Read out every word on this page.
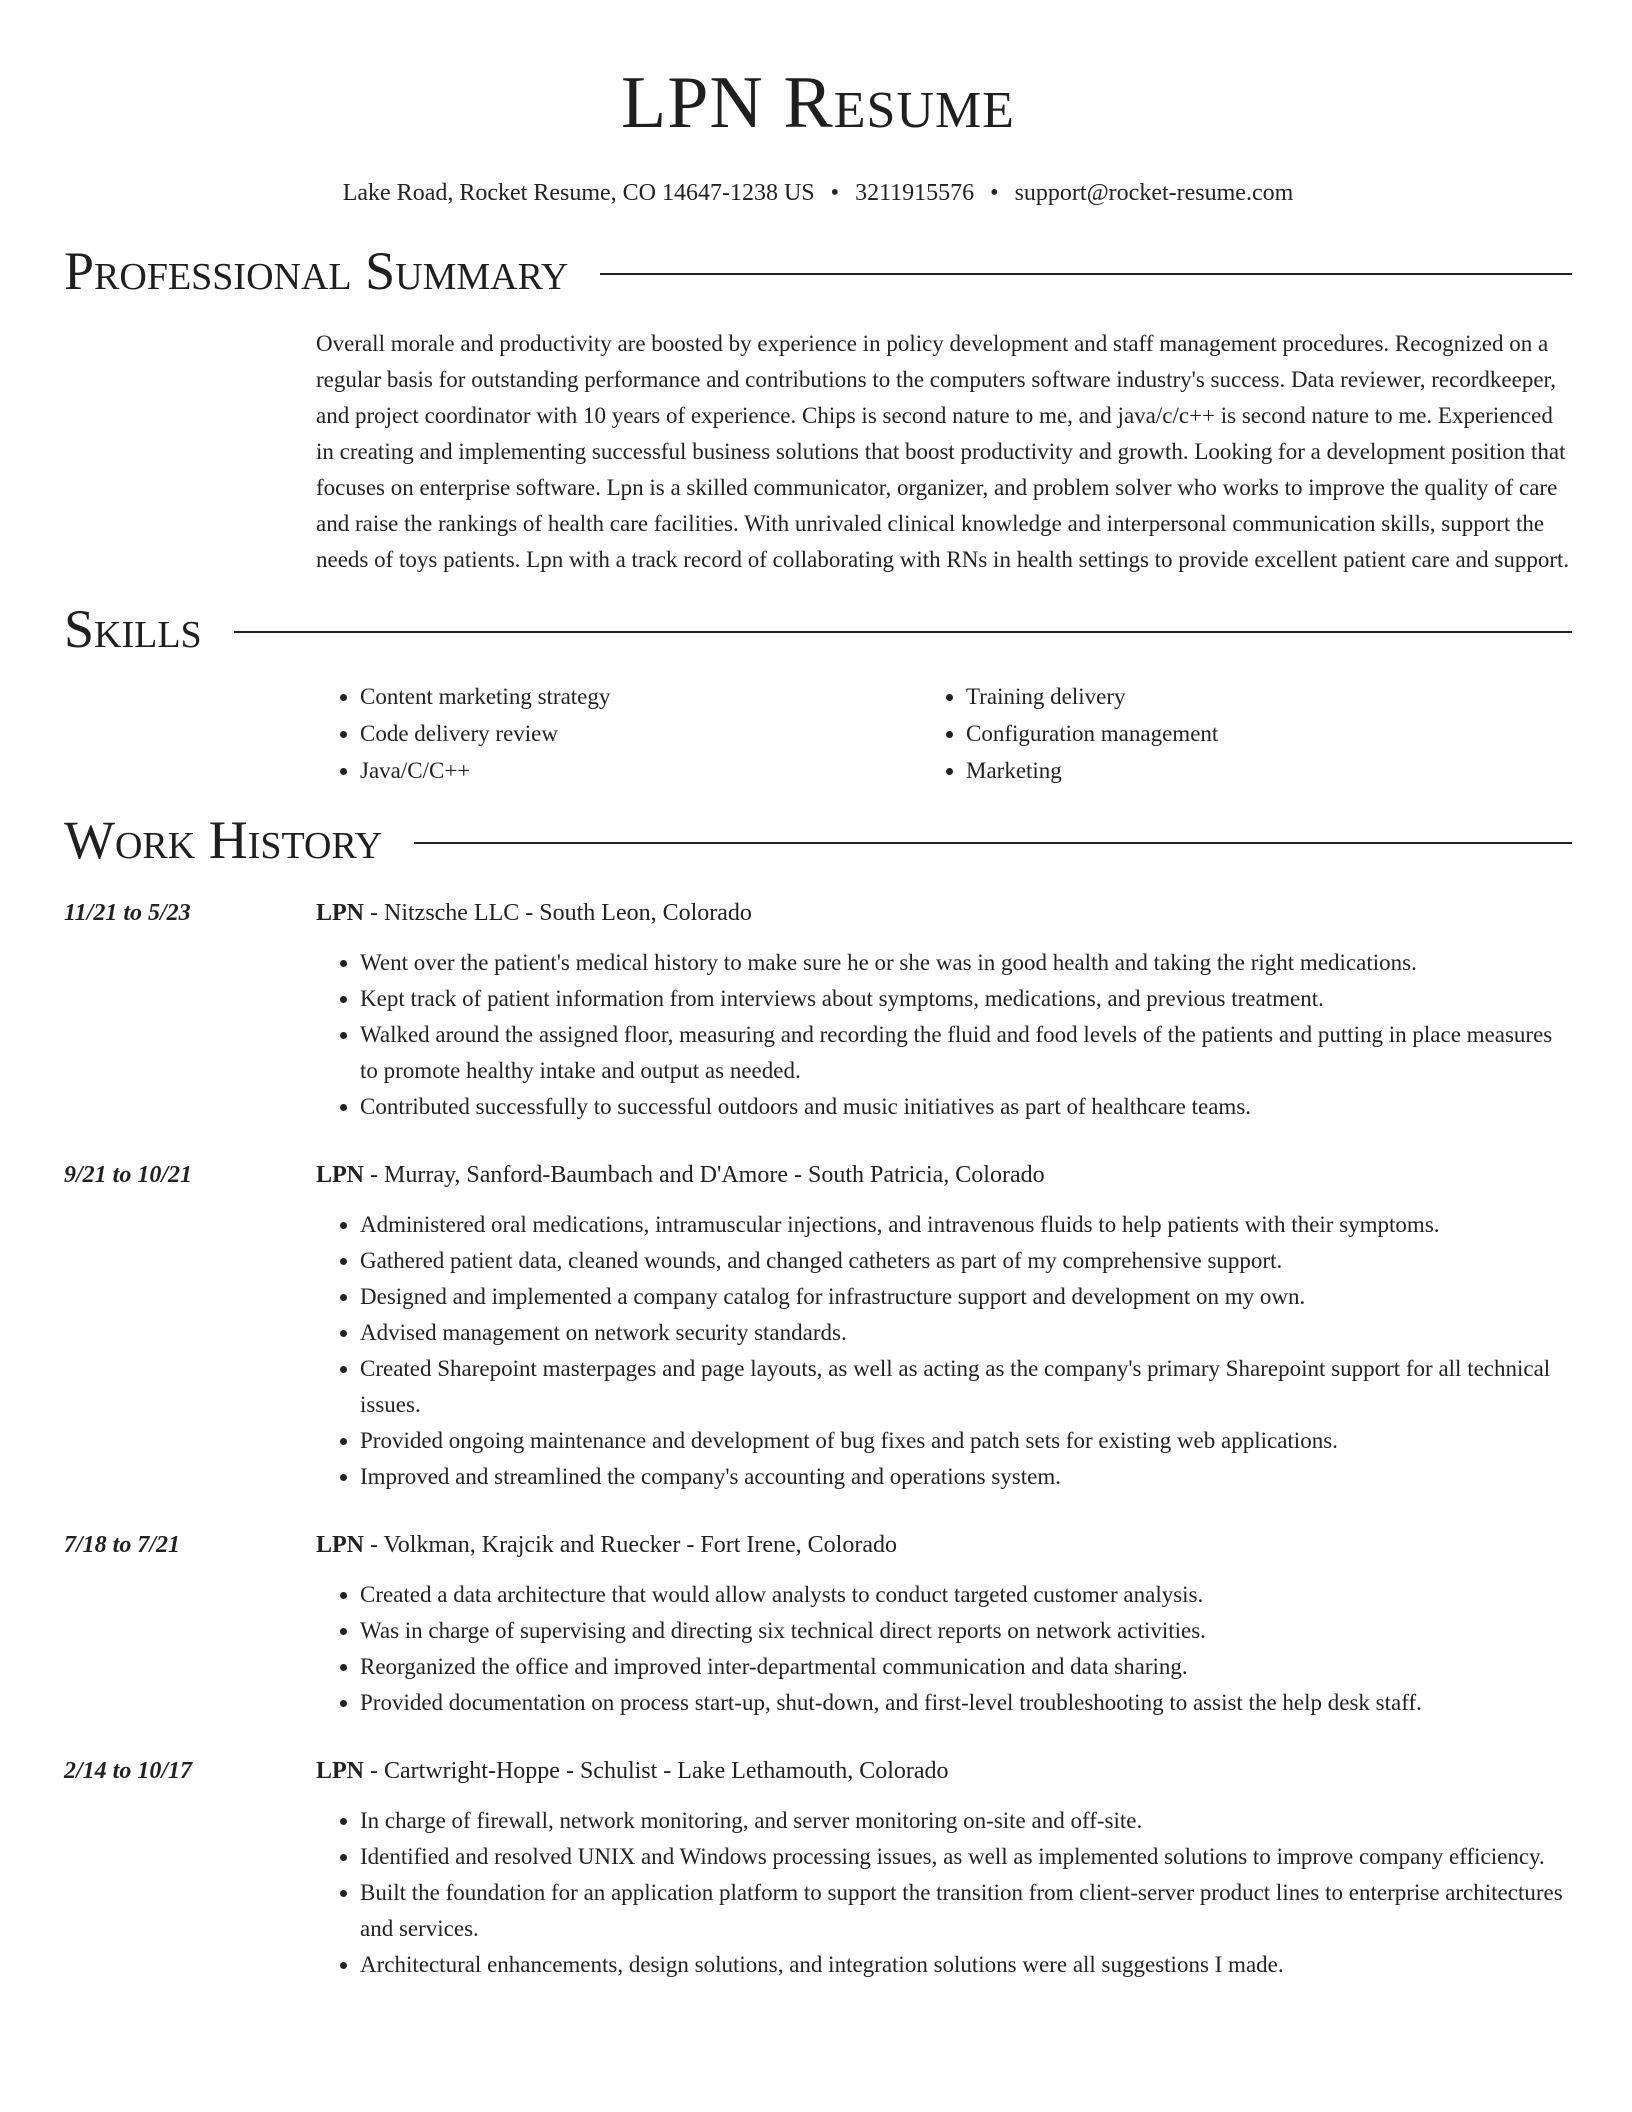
LPN Resume
Lake Road, Rocket Resume, CO 14647-1238 US • 3211915576 • support@rocket-resume.com
Professional Summary
Overall morale and productivity are boosted by experience in policy development and staff management procedures. Recognized on a regular basis for outstanding performance and contributions to the computers software industry's success. Data reviewer, recordkeeper, and project coordinator with 10 years of experience. Chips is second nature to me, and java/c/c++ is second nature to me. Experienced in creating and implementing successful business solutions that boost productivity and growth. Looking for a development position that focuses on enterprise software. Lpn is a skilled communicator, organizer, and problem solver who works to improve the quality of care and raise the rankings of health care facilities. With unrivaled clinical knowledge and interpersonal communication skills, support the needs of toys patients. Lpn with a track record of collaborating with RNs in health settings to provide excellent patient care and support.
Skills
• Content marketing strategy
• Code delivery review
• Java/C/C++
• Training delivery
• Configuration management
• Marketing
Work History
11/21 to 5/23	LPN - Nitzsche LLC - South Leon, Colorado
• Went over the patient's medical history to make sure he or she was in good health and taking the right medications.
• Kept track of patient information from interviews about symptoms, medications, and previous treatment.
• Walked around the assigned floor, measuring and recording the fluid and food levels of the patients and putting in place measures to promote healthy intake and output as needed.
• Contributed successfully to successful outdoors and music initiatives as part of healthcare teams.
9/21 to 10/21	LPN - Murray, Sanford-Baumbach and D'Amore - South Patricia, Colorado
• Administered oral medications, intramuscular injections, and intravenous fluids to help patients with their symptoms.
• Gathered patient data, cleaned wounds, and changed catheters as part of my comprehensive support.
• Designed and implemented a company catalog for infrastructure support and development on my own.
• Advised management on network security standards.
• Created Sharepoint masterpages and page layouts, as well as acting as the company's primary Sharepoint support for all technical issues.
• Provided ongoing maintenance and development of bug fixes and patch sets for existing web applications.
• Improved and streamlined the company's accounting and operations system.
7/18 to 7/21	LPN - Volkman, Krajcik and Ruecker - Fort Irene, Colorado
• Created a data architecture that would allow analysts to conduct targeted customer analysis.
• Was in charge of supervising and directing six technical direct reports on network activities.
• Reorganized the office and improved inter-departmental communication and data sharing.
• Provided documentation on process start-up, shut-down, and first-level troubleshooting to assist the help desk staff.
2/14 to 10/17	LPN - Cartwright-Hoppe - Schulist - Lake Lethamouth, Colorado
• In charge of firewall, network monitoring, and server monitoring on-site and off-site.
• Identified and resolved UNIX and Windows processing issues, as well as implemented solutions to improve company efficiency.
• Built the foundation for an application platform to support the transition from client-server product lines to enterprise architectures and services.
• Architectural enhancements, design solutions, and integration solutions were all suggestions I made.
